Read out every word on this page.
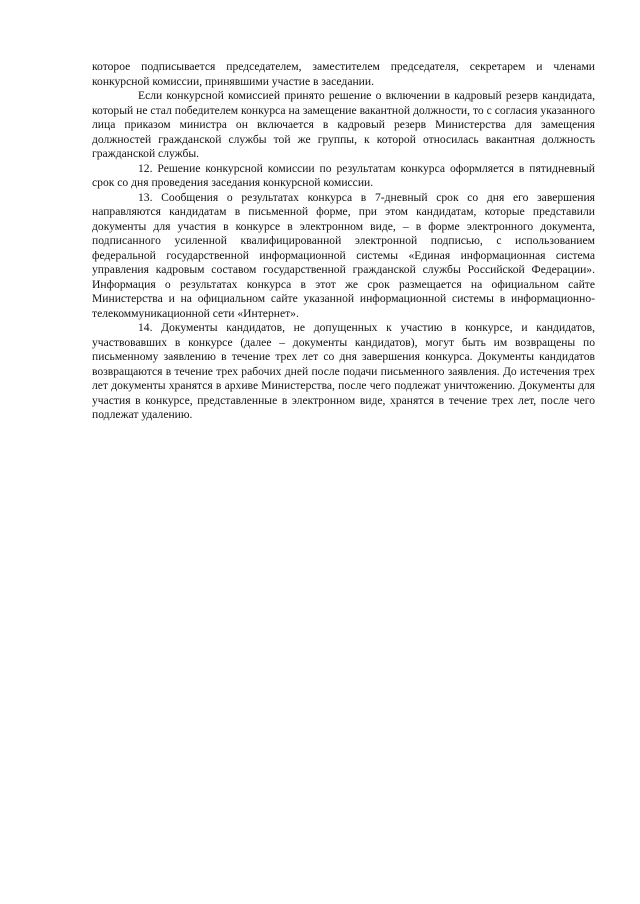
которое подписывается председателем, заместителем председателя, секретарем и членами конкурсной комиссии, принявшими участие в заседании.

Если конкурсной комиссией принято решение о включении в кадровый резерв кандидата, который не стал победителем конкурса на замещение вакантной должности, то с согласия указанного лица приказом министра он включается в кадровый резерв Министерства для замещения должностей гражданской службы той же группы, к которой относилась вакантная должность гражданской службы.

12. Решение конкурсной комиссии по результатам конкурса оформляется в пятидневный срок со дня проведения заседания конкурсной комиссии.

13. Сообщения о результатах конкурса в 7-дневный срок со дня его завершения направляются кандидатам в письменной форме, при этом кандидатам, которые представили документы для участия в конкурсе в электронном виде, – в форме электронного документа, подписанного усиленной квалифицированной электронной подписью, с использованием федеральной государственной информационной системы «Единая информационная система управления кадровым составом государственной гражданской службы Российской Федерации». Информация о результатах конкурса в этот же срок размещается на официальном сайте Министерства и на официальном сайте указанной информационной системы в информационно-телекоммуникационной сети «Интернет».

14. Документы кандидатов, не допущенных к участию в конкурсе, и кандидатов, участвовавших в конкурсе (далее – документы кандидатов), могут быть им возвращены по письменному заявлению в течение трех лет со дня завершения конкурса. Документы кандидатов возвращаются в течение трех рабочих дней после подачи письменного заявления. До истечения трех лет документы хранятся в архиве Министерства, после чего подлежат уничтожению. Документы для участия в конкурсе, представленные в электронном виде, хранятся в течение трех лет, после чего подлежат удалению.
